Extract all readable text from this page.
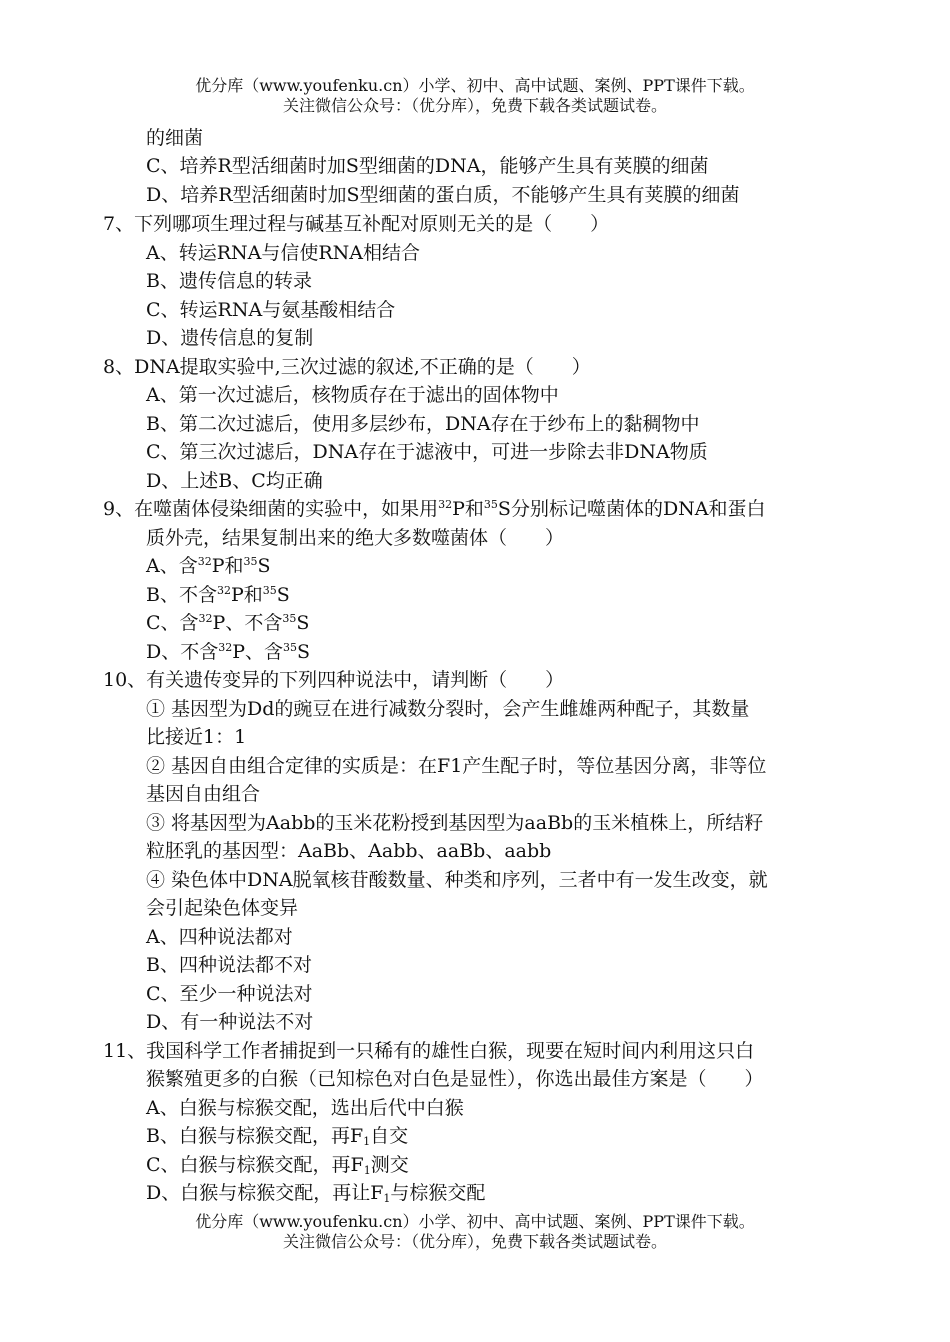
优分库（www.youfenku.cn）小学、初中、高中试题、案例、PPT课件下载。
关注微信公众号：（优分库），免费下载各类试题试卷。
的细菌
C、培养R型活细菌时加S型细菌的DNA，能够产生具有荚膜的细菌
D、培养R型活细菌时加S型细菌的蛋白质，不能够产生具有荚膜的细菌
7、下列哪项生理过程与碱基互补配对原则无关的是（　　）
A、转运RNA与信使RNA相结合
B、遗传信息的转录
C、转运RNA与氨基酸相结合
D、遗传信息的复制
8、DNA提取实验中,三次过滤的叙述,不正确的是（　　）
A、第一次过滤后，核物质存在于滤出的固体物中
B、第二次过滤后，使用多层纱布，DNA存在于纱布上的黏稠物中
C、第三次过滤后，DNA存在于滤液中，可进一步除去非DNA物质
D、上述B、C均正确
9、在噬菌体侵染细菌的实验中，如果用$^{32}$P和$^{35}$S分别标记噬菌体的DNA和蛋白
质外壳，结果复制出来的绝大多数噬菌体（　　）
A、含$^{32}$P和$^{35}$S
B、不含$^{32}$P和$^{35}$S
C、含$^{32}$P、不含$^{35}$S
D、不含$^{32}$P、含$^{35}$S
10、有关遗传变异的下列四种说法中，请判断（　　）
① 基因型为Dd的豌豆在进行减数分裂时，会产生雌雄两种配子，其数量
比接近1：1
② 基因自由组合定律的实质是：在F1产生配子时，等位基因分离，非等位
基因自由组合
③ 将基因型为Aabb的玉米花粉授到基因型为aaBb的玉米植株上，所结籽
粒胚乳的基因型：AaBb、Aabb、aaBb、aabb
④ 染色体中DNA脱氧核苷酸数量、种类和序列，三者中有一发生改变，就
会引起染色体变异
A、四种说法都对
B、四种说法都不对
C、至少一种说法对
D、有一种说法不对
11、我国科学工作者捕捉到一只稀有的雄性白猴，现要在短时间内利用这只白
猴繁殖更多的白猴（已知棕色对白色是显性），你选出最佳方案是（　　）
A、白猴与棕猴交配，选出后代中白猴
B、白猴与棕猴交配，再$F_1$自交
C、白猴与棕猴交配，再$F_1$测交
D、白猴与棕猴交配，再让$F_1$与棕猴交配
优分库（www.youfenku.cn）小学、初中、高中试题、案例、PPT课件下载。
关注微信公众号：（优分库），免费下载各类试题试卷。
